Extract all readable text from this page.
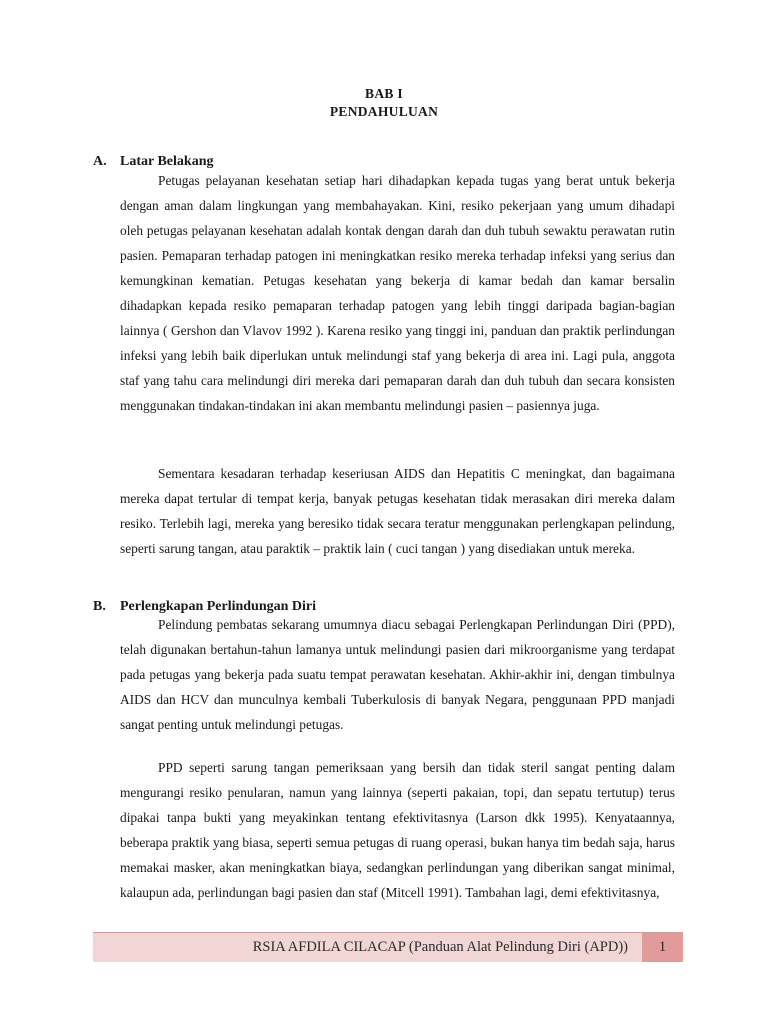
BAB I
PENDAHULUAN
A. Latar Belakang

Petugas pelayanan kesehatan setiap hari dihadapkan kepada tugas yang berat untuk bekerja dengan aman dalam lingkungan yang membahayakan. Kini, resiko pekerjaan yang umum dihadapi oleh petugas pelayanan kesehatan adalah kontak dengan darah dan duh tubuh sewaktu perawatan rutin pasien. Pemaparan terhadap patogen ini meningkatkan resiko mereka terhadap infeksi yang serius dan kemungkinan kematian. Petugas kesehatan yang bekerja di kamar bedah dan kamar bersalin dihadapkan kepada resiko pemaparan terhadap patogen yang lebih tinggi daripada bagian-bagian lainnya ( Gershon dan Vlavov 1992 ). Karena resiko yang tinggi ini, panduan dan praktik perlindungan infeksi yang lebih baik diperlukan untuk melindungi staf yang bekerja di area ini. Lagi pula, anggota staf yang tahu cara melindungi diri mereka dari pemaparan darah dan duh tubuh dan secara konsisten menggunakan tindakan-tindakan ini akan membantu melindungi pasien – pasiennya juga.

Sementara kesadaran terhadap keseriusan AIDS dan Hepatitis C meningkat, dan bagaimana mereka dapat tertular di tempat kerja, banyak petugas kesehatan tidak merasakan diri mereka dalam resiko. Terlebih lagi, mereka yang beresiko tidak secara teratur menggunakan perlengkapan pelindung, seperti sarung tangan, atau paraktik – praktik lain ( cuci tangan ) yang disediakan untuk mereka.

B. Perlengkapan Perlindungan Diri

Pelindung pembatas sekarang umumnya diacu sebagai Perlengkapan Perlindungan Diri (PPD), telah digunakan bertahun-tahun lamanya untuk melindungi pasien dari mikroorganisme yang terdapat pada petugas yang bekerja pada suatu tempat perawatan kesehatan. Akhir-akhir ini, dengan timbulnya AIDS dan HCV dan munculnya kembali Tuberkulosis di banyak Negara, penggunaan PPD manjadi sangat penting untuk melindungi petugas.

PPD seperti sarung tangan pemeriksaan yang bersih dan tidak steril sangat penting dalam mengurangi resiko penularan, namun yang lainnya (seperti pakaian, topi, dan sepatu tertutup) terus dipakai tanpa bukti yang meyakinkan tentang efektivitasnya (Larson dkk 1995). Kenyataannya, beberapa praktik yang biasa, seperti semua petugas di ruang operasi, bukan hanya tim bedah saja, harus memakai masker, akan meningkatkan biaya, sedangkan perlindungan yang diberikan sangat minimal, kalaupun ada, perlindungan bagi pasien dan staf (Mitcell 1991). Tambahan lagi, demi efektivitasnya,

RSIA AFDILA CILACAP (Panduan Alat Pelindung Diri (APD))	1
